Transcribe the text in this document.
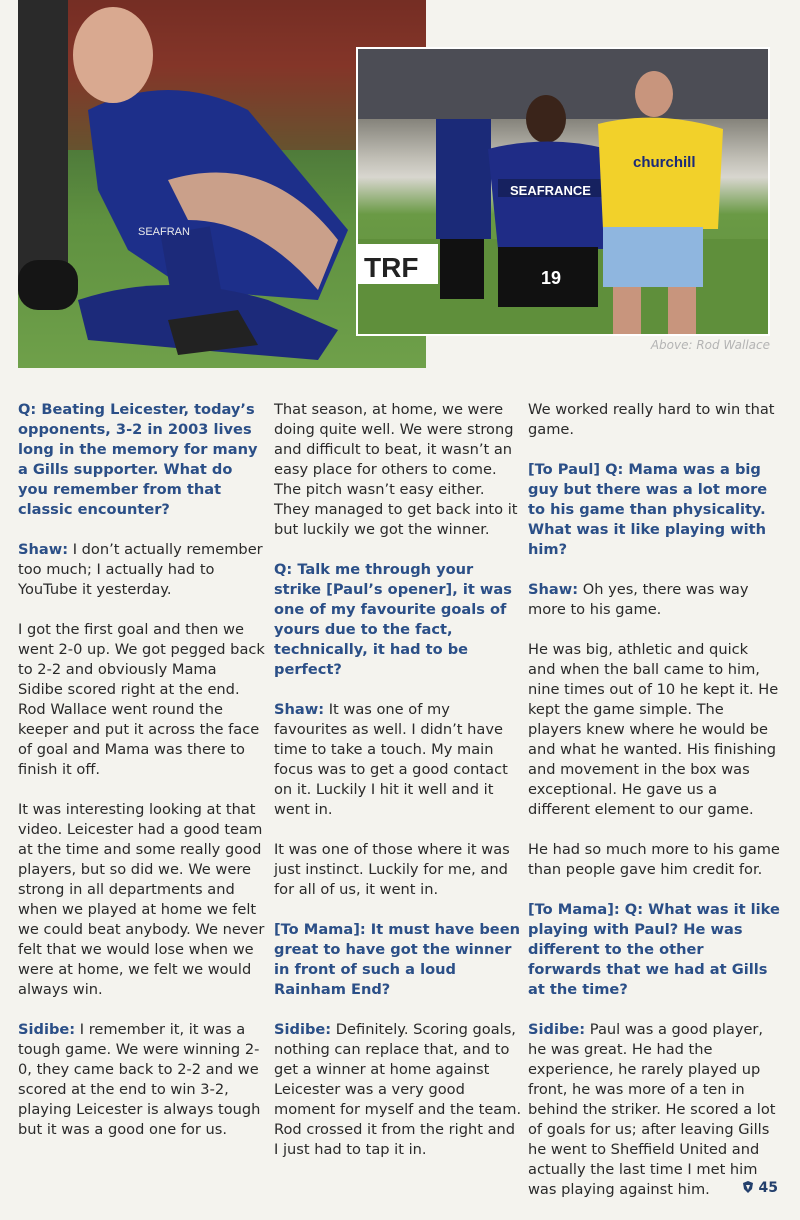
SEAFRAN
TRF
SEAFRANCE
19
churchill
Above: Rod Wallace

Q: Beating Leicester, today’s opponents, 3-2 in 2003 lives long in the memory for many a Gills supporter. What do you remember from that classic encounter?

Shaw: I don’t actually remember too much; I actually had to YouTube it yesterday.

I got the first goal and then we went 2-0 up. We got pegged back to 2-2 and obviously Mama Sidibe scored right at the end. Rod Wallace went round the keeper and put it across the face of goal and Mama was there to finish it off.

It was interesting looking at that video. Leicester had a good team at the time and some really good players, but so did we. We were strong in all departments and when we played at home we felt we could beat anybody. We never felt that we would lose when we were at home, we felt we would always win.

Sidibe: I remember it, it was a tough game. We were winning 2-0, they came back to 2-2 and we scored at the end to win 3-2, playing Leicester is always tough but it was a good one for us.

That season, at home, we were doing quite well. We were strong and difficult to beat, it wasn’t an easy place for others to come. The pitch wasn’t easy either. They managed to get back into it but luckily we got the winner.

Q: Talk me through your strike [Paul’s opener], it was one of my favourite goals of yours due to the fact, technically, it had to be perfect?

Shaw: It was one of my favourites as well. I didn’t have time to take a touch. My main focus was to get a good contact on it. Luckily I hit it well and it went in.

It was one of those where it was just instinct. Luckily for me, and for all of us, it went in.

[To Mama]: It must have been great to have got the winner in front of such a loud Rainham End?

Sidibe: Definitely. Scoring goals, nothing can replace that, and to get a winner at home against Leicester was a very good moment for myself and the team. Rod crossed it from the right and I just had to tap it in.

We worked really hard to win that game.

[To Paul] Q: Mama was a big guy but there was a lot more to his game than physicality. What was it like playing with him?

Shaw: Oh yes, there was way more to his game.

He was big, athletic and quick and when the ball came to him, nine times out of 10 he kept it. He kept the game simple. The players knew where he would be and what he wanted. His finishing and movement in the box was exceptional. He gave us a different element to our game.

He had so much more to his game than people gave him credit for.

[To Mama]: Q: What was it like playing with Paul? He was different to the other forwards that we had at Gills at the time?

Sidibe: Paul was a good player, he was great. He had the experience, he rarely played up front, he was more of a ten in behind the striker. He scored a lot of goals for us; after leaving Gills he went to Sheffield United and actually the last time I met him was playing against him.	45
